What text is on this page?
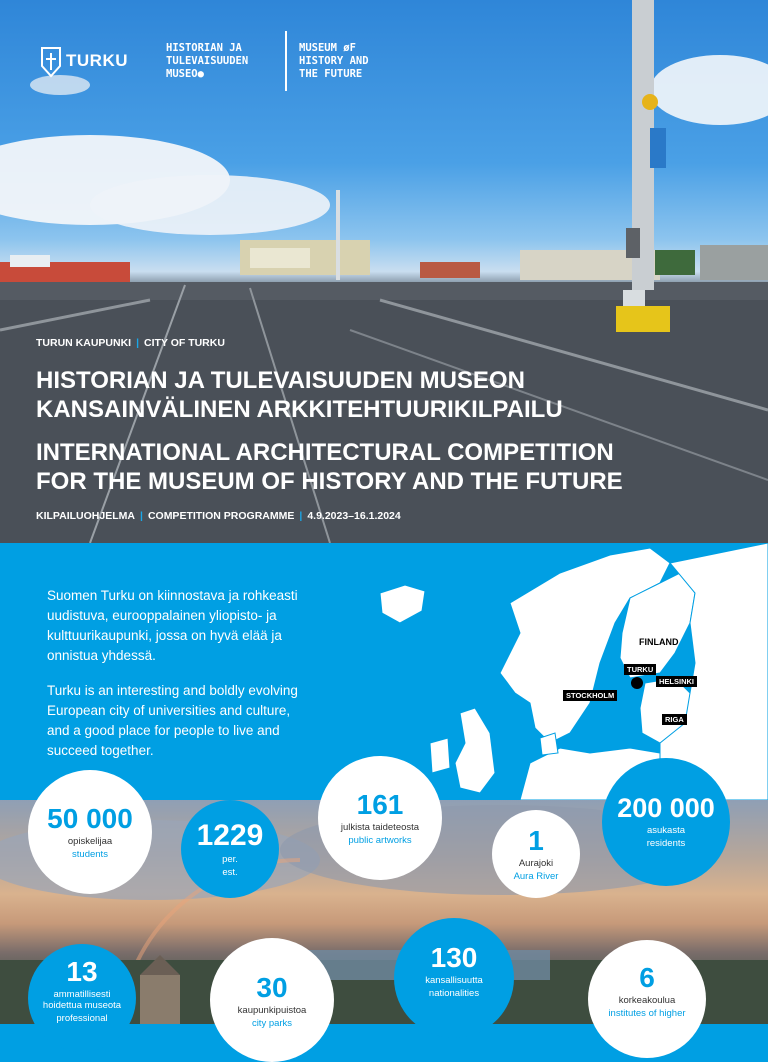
TURKU
HISTORIAN JA
TULEVAISUUDEN
MUSEO●
MUSEUM øF
HISTORY AND
THE FUTURE
TURUN KAUPUNKI | CITY OF TURKU
HISTORIAN JA TULEVAISUUDEN MUSEON
KANSAINVÄLINEN ARKKITEHTUURIKILPAILU
INTERNATIONAL ARCHITECTURAL COMPETITION
FOR THE MUSEUM OF HISTORY AND THE FUTURE
KILPAILUOHJELMA | COMPETITION PROGRAMME | 4.9.2023–16.1.2024
Suomen Turku on kiinnostava ja rohkeasti uudistuva, eurooppalainen yliopisto- ja kulttuurikaupunki, jossa on hyvä elää ja onnistua yhdessä.
Turku is an interesting and boldly evolving European city of universities and culture, and a good place for people to live and succeed together.
FINLAND
TURKU
HELSINKI
STOCKHOLM
RIGA
50 000
opiskelijaa
students
1229
per.
est.
161
julkista taideteosta
public artworks	1
Aurajoki
Aura River
200 000
asukasta
residents
13
ammatillisesti hoidettua museota
professional
30
kaupunkipuistoa
city parks
130
kansallisuutta
nationalities
6
korkeakoulua
institutes of higher
